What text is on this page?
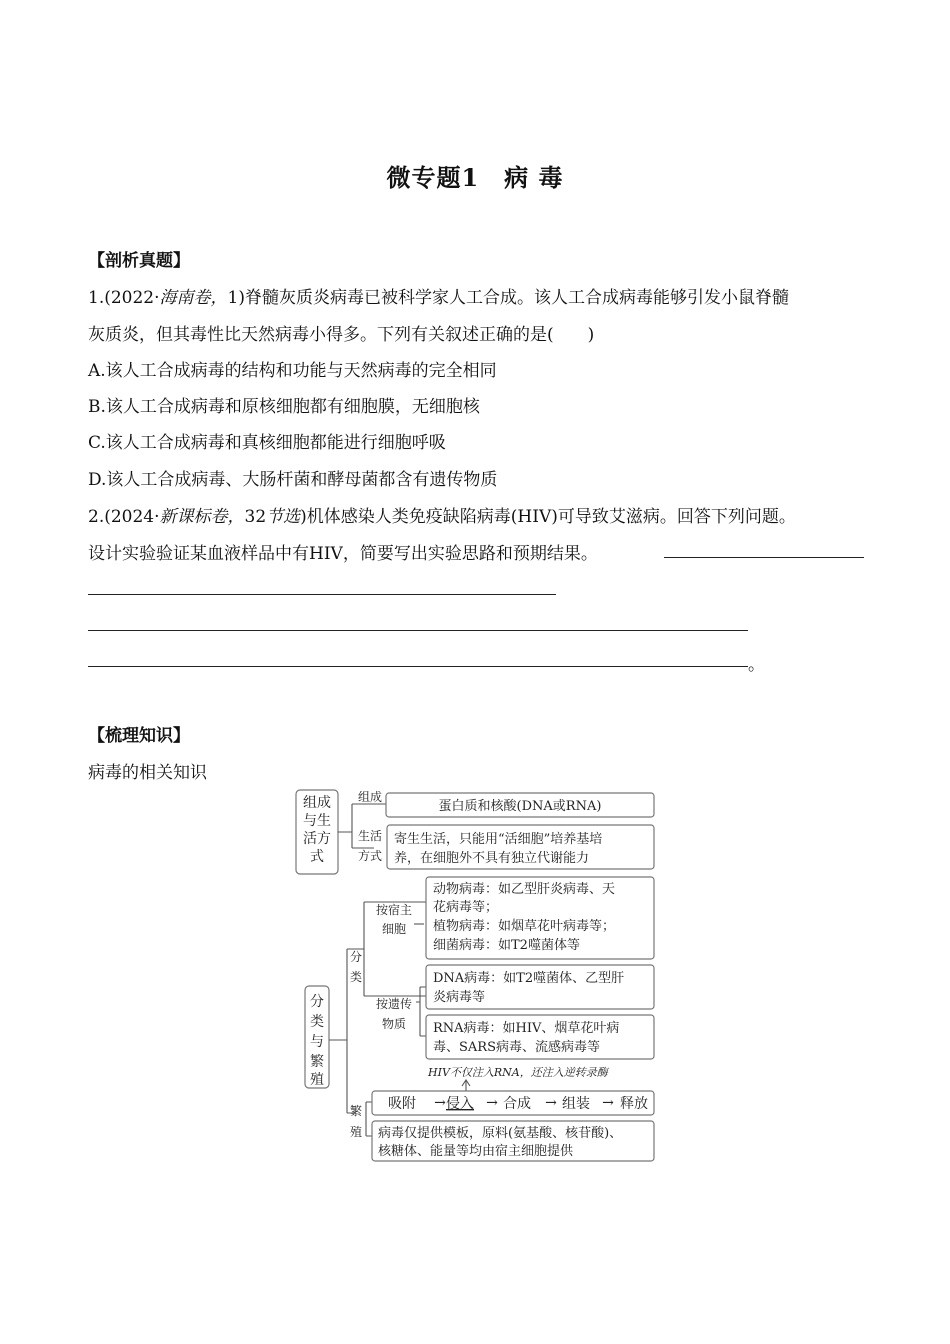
微专题1　病 毒
【剖析真题】
1.(2022·海南卷，1)脊髓灰质炎病毒已被科学家人工合成。该人工合成病毒能够引发小鼠脊髓
灰质炎，但其毒性比天然病毒小得多。下列有关叙述正确的是(　　)
A.该人工合成病毒的结构和功能与天然病毒的完全相同
B.该人工合成病毒和原核细胞都有细胞膜，无细胞核
C.该人工合成病毒和真核细胞都能进行细胞呼吸
D.该人工合成病毒、大肠杆菌和酵母菌都含有遗传物质
2.(2024·新课标卷，32节选)机体感染人类免疫缺陷病毒(HIV)可导致艾滋病。回答下列问题。
设计实验验证某血液样品中有HIV，简要写出实验思路和预期结果。
。
【梳理知识】
病毒的相关知识
组成
与生
活方
式
组成
蛋白质和核酸(DNA或RNA)
生活
方式
寄生生活，只能用“活细胞”培养基培
养，在细胞外不具有独立代谢能力
分
类
与
繁
殖
分
类
按宿主
细胞
动物病毒：如乙型肝炎病毒、天
花病毒等；
植物病毒：如烟草花叶病毒等；
细菌病毒：如T2噬菌体等
按遗传
物质
DNA病毒：如T2噬菌体、乙型肝
炎病毒等
RNA病毒：如HIV、烟草花叶病
毒、SARS病毒、流感病毒等
HIV不仅注入RNA，还注入逆转录酶
繁
殖
吸附 → 侵入 → 合成 → 组装 → 释放
病毒仅提供模板，原料(氨基酸、核苷酸)、
核糖体、能量等均由宿主细胞提供
